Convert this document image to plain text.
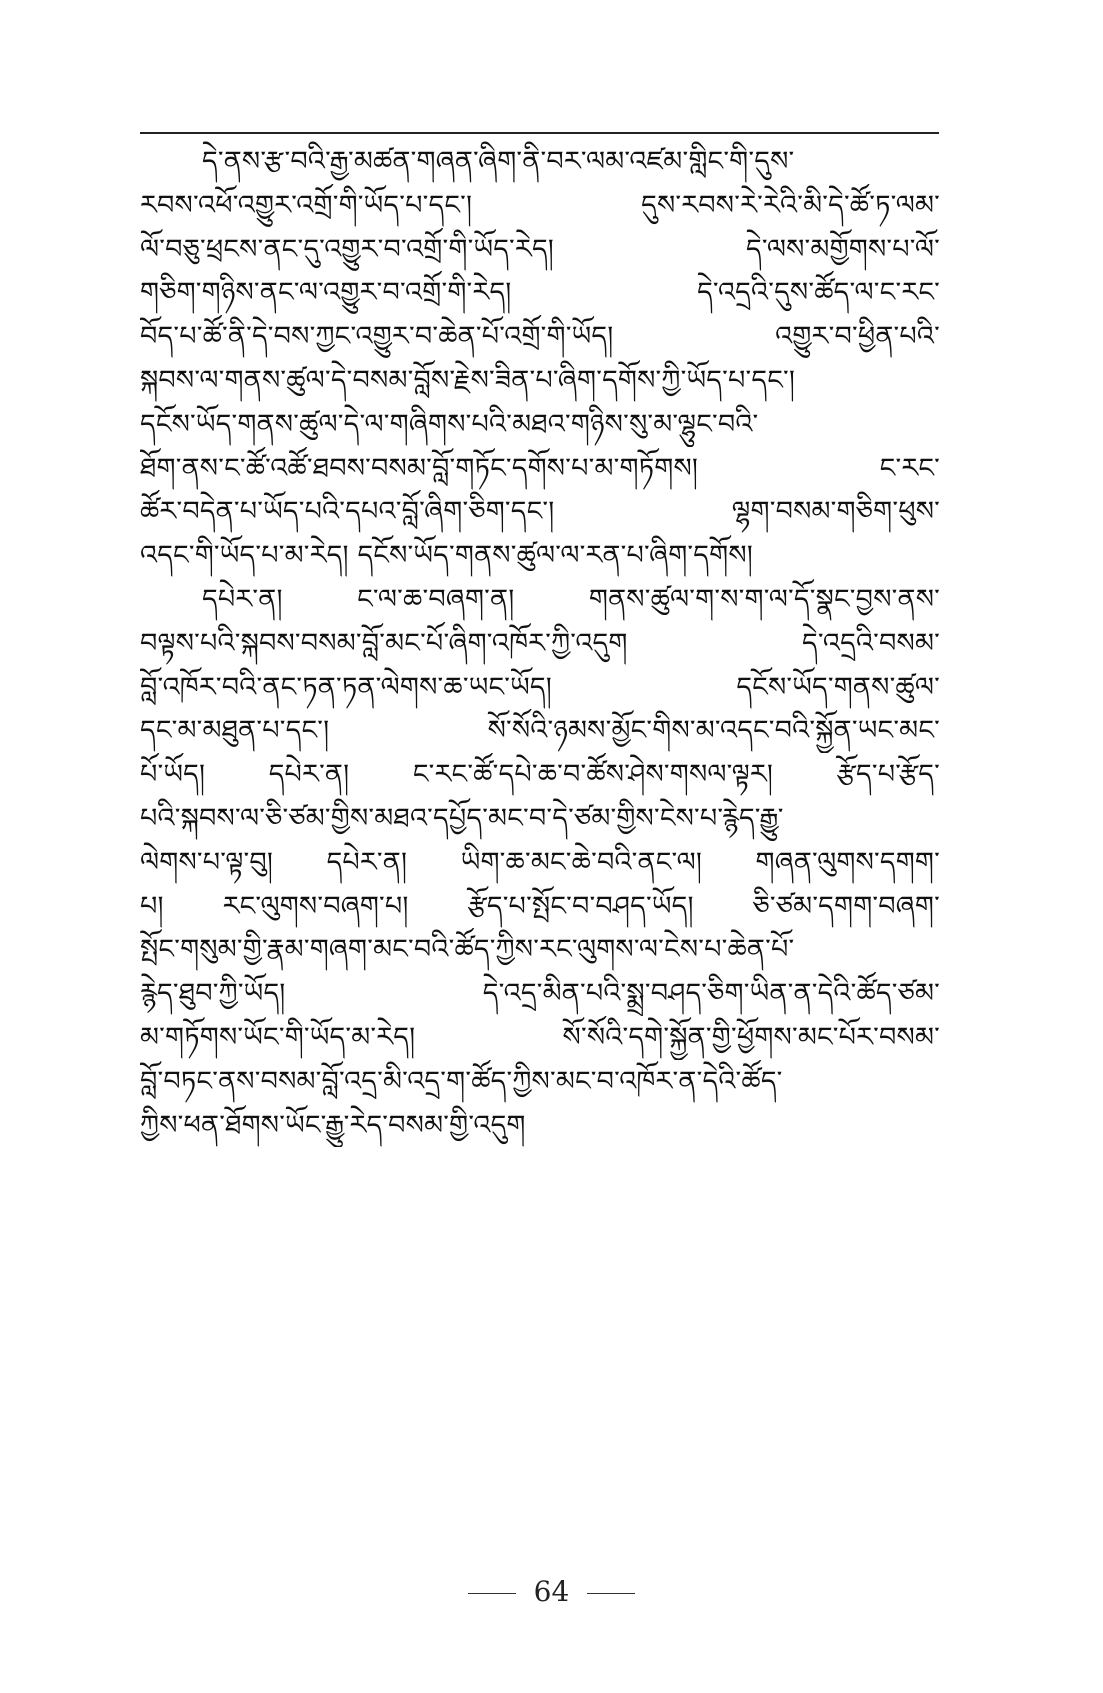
དེ་ནས་རྩ་བའི་རྒྱ་མཚན་གཞན་ཞིག་ནི་བར་ལམ་འཛམ་གླིང་གི་དུས་
རབས་འཕོ་འགྱུར་འགྲོ་གི་ཡོད་པ་དང་། དུས་རབས་རེ་རེའི་མི་དེ་ཚོ་ཏ་ལམ་
ལོ་བཅུ་ཕྲངས་ནང་དུ་འགྱུར་བ་འགྲོ་གི་ཡོད་རེད། དེ་ལས་མགྱོགས་པ་ལོ་
གཅིག་གཉིས་ནང་ལ་འགྱུར་བ་འགྲོ་གི་རེད། དེ་འདྲའི་དུས་ཚོད་ལ་ང་རང་
བོད་པ་ཚོ་ནི་དེ་བས་ཀྱང་འགྱུར་བ་ཆེན་པོ་འགྲོ་གི་ཡོད། འགྱུར་བ་ཕྱིན་པའི་
སྐབས་ལ་གནས་ཚུལ་དེ་བསམ་བློས་རྗེས་ཟིན་པ་ཞིག་དགོས་ཀྱི་ཡོད་པ་དང་།
དངོས་ཡོད་གནས་ཚུལ་དེ་ལ་གཞིགས་པའི་མཐའ་གཉིས་སུ་མ་ལྷུང་བའི་
ཐོག་ནས་ང་ཚོ་འཚོ་ཐབས་བསམ་བློ་གཏོང་དགོས་པ་མ་གཏོགས། ང་རང་
ཚོར་བདེན་པ་ཡོད་པའི་དཔའ་བློ་ཞིག་ཅིག་དང་། ལྷག་བསམ་གཅིག་ཕུས་
འདང་གི་ཡོད་པ་མ་རེད། དངོས་ཡོད་གནས་ཚུལ་ལ་རན་པ་ཞིག་དགོས།
དཔེར་ན། ང་ལ་ཆ་བཞག་ན། གནས་ཚུལ་ག་ས་ག་ལ་དོ་སྣང་བྱས་ནས་
བལྟས་པའི་སྐབས་བསམ་བློ་མང་པོ་ཞིག་འཁོར་ཀྱི་འདུག དེ་འདྲའི་བསམ་
བློ་འཁོར་བའི་ནང་ཏན་ཏན་ལེགས་ཆ་ཡང་ཡོད། དངོས་ཡོད་གནས་ཚུལ་
དང་མ་མཐུན་པ་དང་། སོ་སོའི་ཉམས་མྱོང་གིས་མ་འདང་བའི་སྐྱོན་ཡང་མང་
པོ་ཡོད། དཔེར་ན། ང་རང་ཚོ་དཔེ་ཆ་བ་ཚོས་ཤེས་གསལ་ལྟར། རྩོད་པ་རྩོད་
པའི་སྐབས་ལ་ཅི་ཙམ་གྱིས་མཐའ་དཔྱོད་མང་བ་དེ་ཙམ་གྱིས་ངེས་པ་རྙེད་རྒྱུ་
ལེགས་པ་ལྟ་བུ། དཔེར་ན། ཡིག་ཆ་མང་ཆེ་བའི་ནང་ལ། གཞན་ལུགས་དགག་
པ། རང་ལུགས་བཞག་པ། རྩོད་པ་སྤོང་བ་བཤད་ཡོད། ཅི་ཙམ་དགག་བཞག་
སྤོང་གསུམ་གྱི་རྣམ་གཞག་མང་བའི་ཚོད་ཀྱིས་རང་ལུགས་ལ་ངེས་པ་ཆེན་པོ་
རྙེད་ཐུབ་ཀྱི་ཡོད། དེ་འདྲ་མིན་པའི་སྨྲ་བཤད་ཅིག་ཡིན་ན་དེའི་ཚོད་ཙམ་
མ་གཏོགས་ཡོང་གི་ཡོད་མ་རེད། སོ་སོའི་དགེ་སྐྱོན་གྱི་ཕྱོགས་མང་པོར་བསམ་
བློ་བཏང་ནས་བསམ་བློ་འདྲ་མི་འདྲ་ག་ཚོད་ཀྱིས་མང་བ་འཁོར་ན་དེའི་ཚོད་
ཀྱིས་ཕན་ཐོགས་ཡོང་རྒྱུ་རེད་བསམ་གྱི་འདུག
64
